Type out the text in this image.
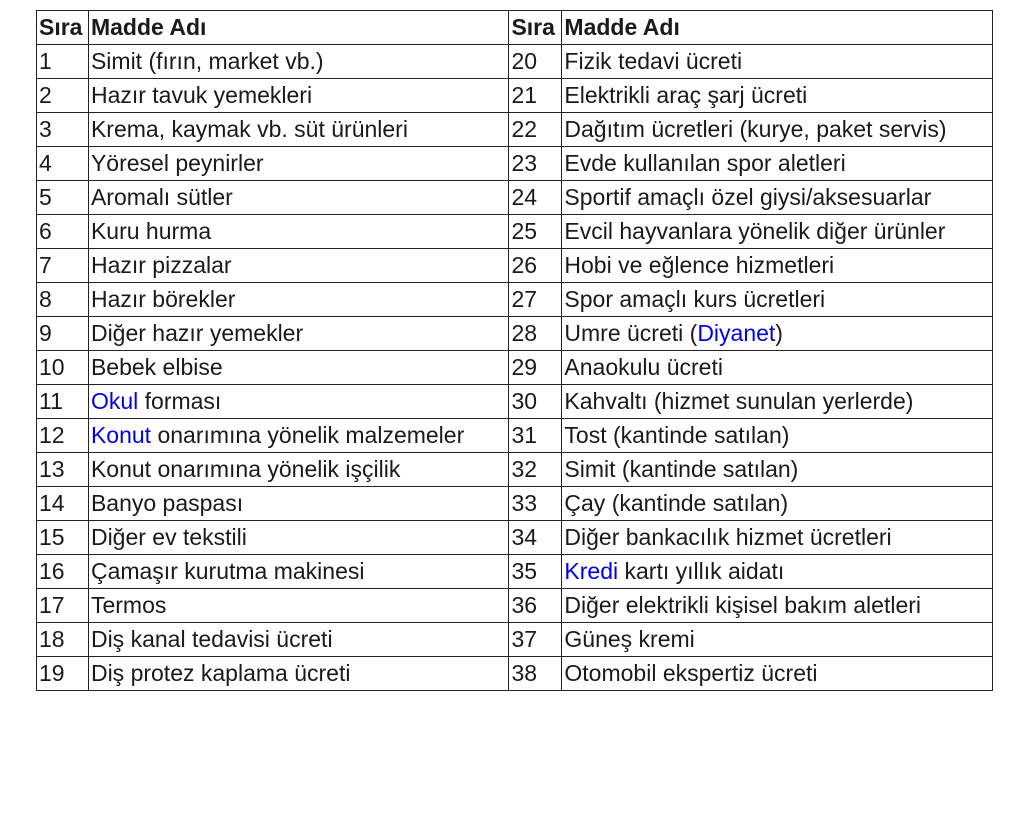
Sıra	Madde Adı	Sıra	Madde Adı
1	Simit (fırın, market vb.)	20	Fizik tedavi ücreti
2	Hazır tavuk yemekleri	21	Elektrikli araç şarj ücreti
3	Krema, kaymak vb. süt ürünleri	22	Dağıtım ücretleri (kurye, paket servis)
4	Yöresel peynirler	23	Evde kullanılan spor aletleri
5	Aromalı sütler	24	Sportif amaçlı özel giysi/aksesuarlar
6	Kuru hurma	25	Evcil hayvanlara yönelik diğer ürünler
7	Hazır pizzalar	26	Hobi ve eğlence hizmetleri
8	Hazır börekler	27	Spor amaçlı kurs ücretleri
9	Diğer hazır yemekler	28	Umre ücreti (Diyanet)
10	Bebek elbise	29	Anaokulu ücreti
11	Okul forması	30	Kahvaltı (hizmet sunulan yerlerde)
12	Konut onarımına yönelik malzemeler	31	Tost (kantinde satılan)
13	Konut onarımına yönelik işçilik	32	Simit (kantinde satılan)
14	Banyo paspası	33	Çay (kantinde satılan)
15	Diğer ev tekstili	34	Diğer bankacılık hizmet ücretleri
16	Çamaşır kurutma makinesi	35	Kredi kartı yıllık aidatı
17	Termos	36	Diğer elektrikli kişisel bakım aletleri
18	Diş kanal tedavisi ücreti	37	Güneş kremi
19	Diş protez kaplama ücreti	38	Otomobil ekspertiz ücreti
